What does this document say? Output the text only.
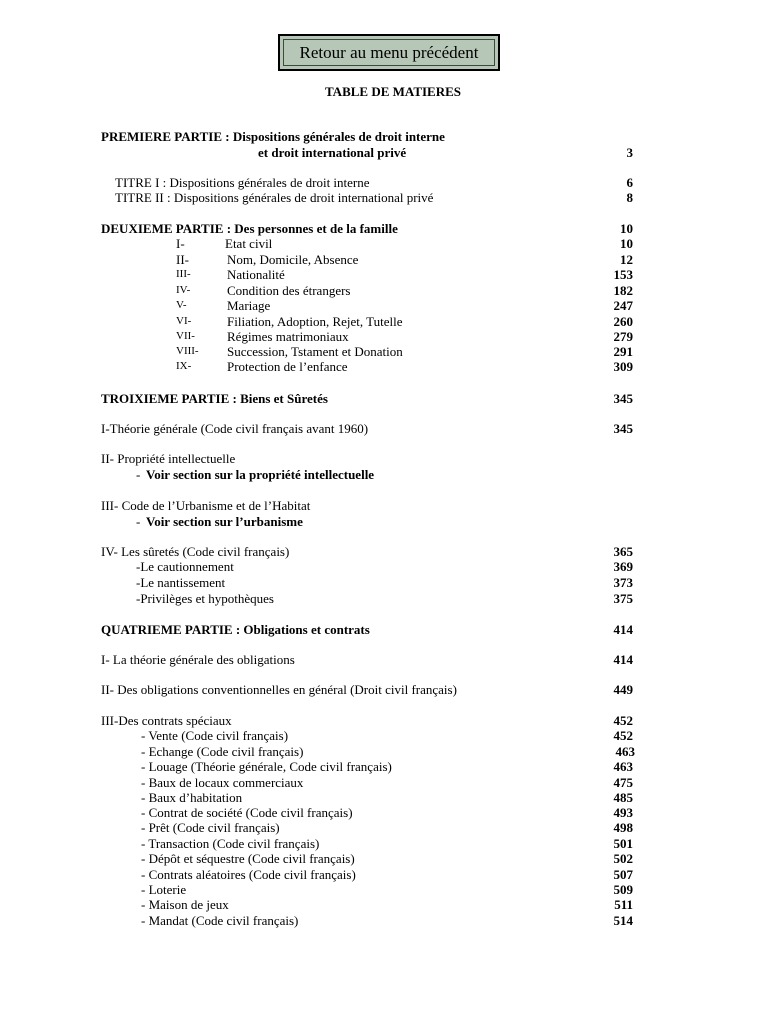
Retour au menu précédent
TABLE DE MATIERES
PREMIERE PARTIE : Dispositions générales de droit interne
et droit international privé	3
TITRE I : Dispositions générales de droit interne	6
TITRE II : Dispositions générales de droit international privé	8
DEUXIEME PARTIE : Des personnes et de la famille	10
I-	Etat civil	10
II-	Nom, Domicile, Absence	12
III-	Nationalité	153
IV-	Condition des étrangers	182
V-	Mariage	247
VI-	Filiation, Adoption, Rejet, Tutelle	260
VII- Régimes matrimoniaux	279
VIII- Succession, Tstament et Donation	291
IX-	Protection de l’enfance	309
TROIXIEME PARTIE : Biens et Sûretés	345
I-Théorie générale (Code civil français avant 1960)	345
II- Propriété intellectuelle
- Voir section sur la propriété intellectuelle
III- Code de l’Urbanisme et de l’Habitat
- Voir section sur l’urbanisme
IV- Les sûretés (Code civil français)	365
-Le cautionnement	369
-Le nantissement	373
-Privilèges et hypothèques	375
QUATRIEME PARTIE : Obligations et contrats	414
I- La théorie générale des obligations	414
II- Des obligations conventionnelles en général (Droit civil français)	449
III-Des contrats spéciaux	452
- Vente (Code civil français)	452
- Echange (Code civil français)	463
- Louage (Théorie générale, Code civil français)	463
- Baux de locaux commerciaux	475
- Baux d’habitation	485
- Contrat de société (Code civil français)	493
- Prêt (Code civil français)	498
- Transaction (Code civil français)	501
- Dépôt et séquestre (Code civil français)	502
- Contrats aléatoires (Code civil français)	507
- Loterie	509
- Maison de jeux	511
- Mandat (Code civil français)	514
